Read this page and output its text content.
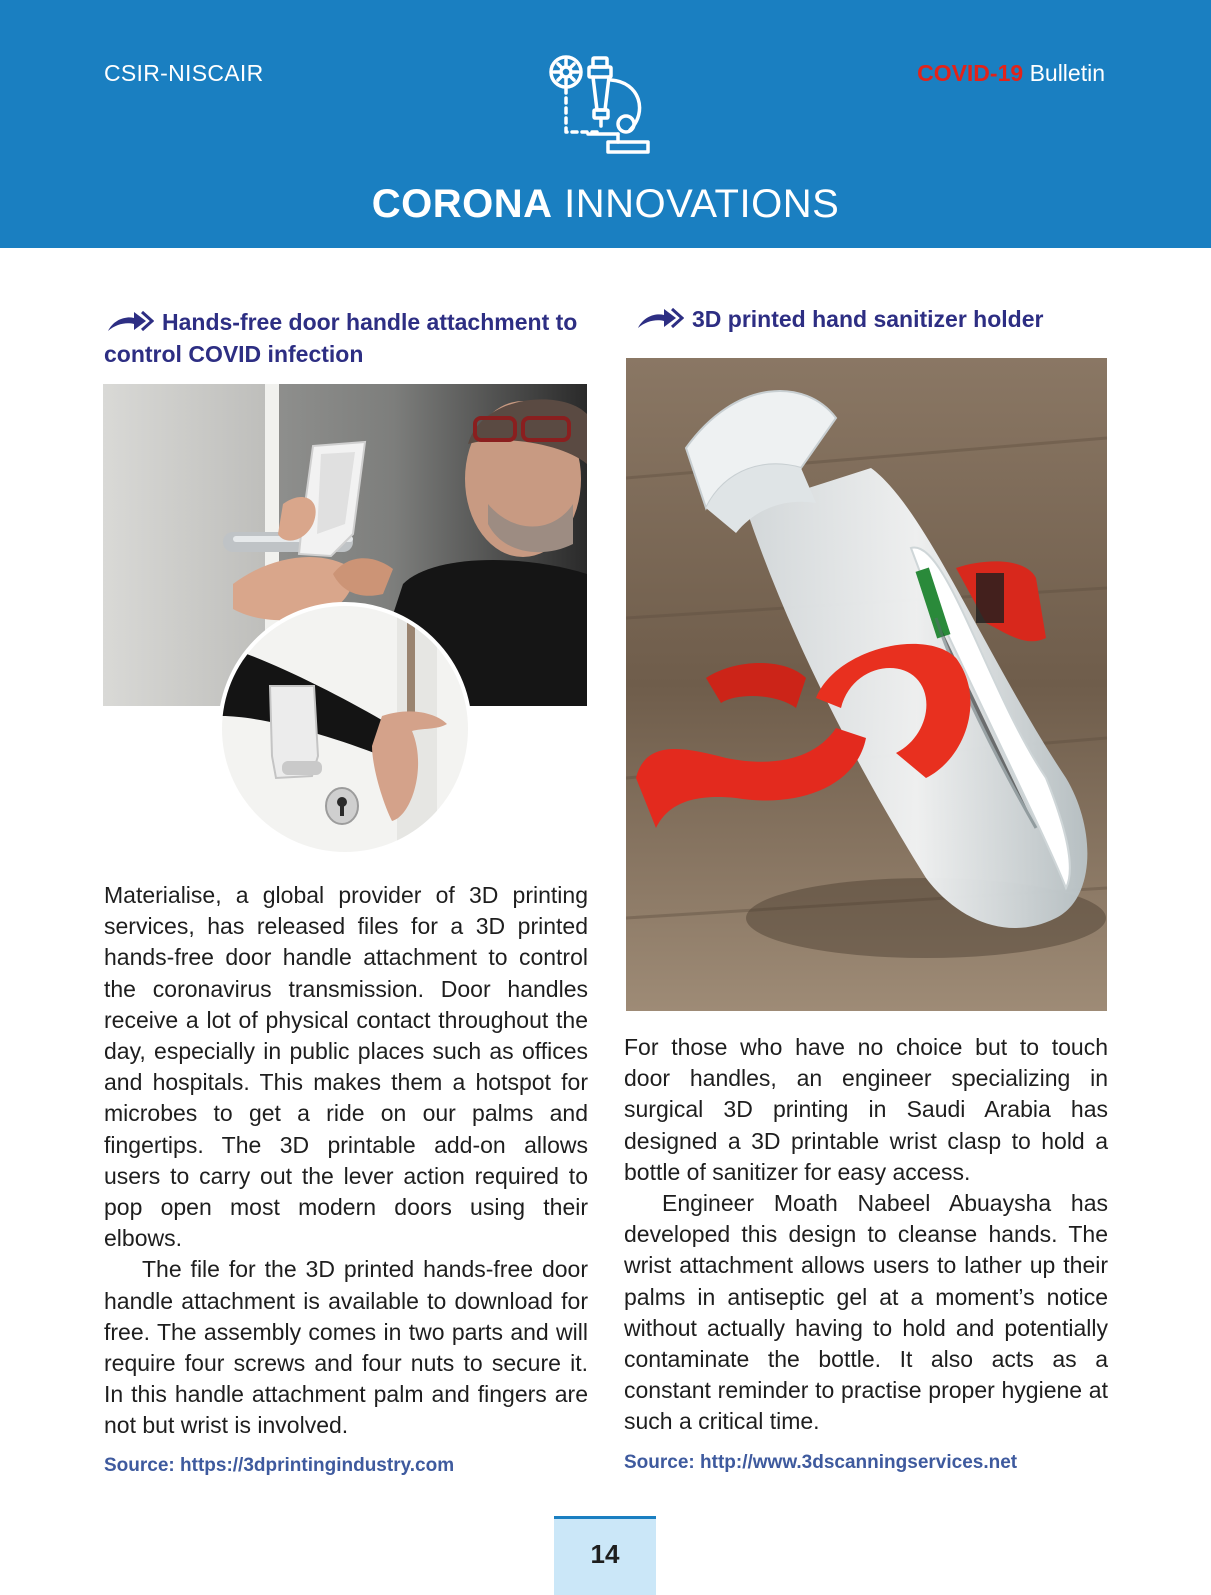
CSIR-NISCAIR	COVID-19 Bulletin
CORONA INNOVATIONS
Hands-free door handle attachment to control COVID infection
3D printed hand sanitizer holder

Materialise, a global provider of 3D printing services, has released files for a 3D printed hands-free door handle attachment to control the coronavirus transmission. Door handles receive a lot of physical contact throughout the day, especially in public places such as offices and hospitals. This makes them a hotspot for microbes to get a ride on our palms and fingertips. The 3D printable add-on allows users to carry out the lever action required to pop open most modern doors using their elbows.

The file for the 3D printed hands-free door handle attachment is available to download for free. The assembly comes in two parts and will require four screws and four nuts to secure it. In this handle attachment palm and fingers are not but wrist is involved.

For those who have no choice but to touch door handles, an engineer specializing in surgical 3D printing in Saudi Arabia has designed a 3D printable wrist clasp to hold a bottle of sanitizer for easy access.

Engineer Moath Nabeel Abuaysha has developed this design to cleanse hands. The wrist attachment allows users to lather up their palms in antiseptic gel at a moment’s notice without actually having to hold and potentially contaminate the bottle. It also acts as a constant reminder to practise proper hygiene at such a critical time.

Source: https://3dprintingindustry.com	Source: http://www.3dscanningservices.net
14
